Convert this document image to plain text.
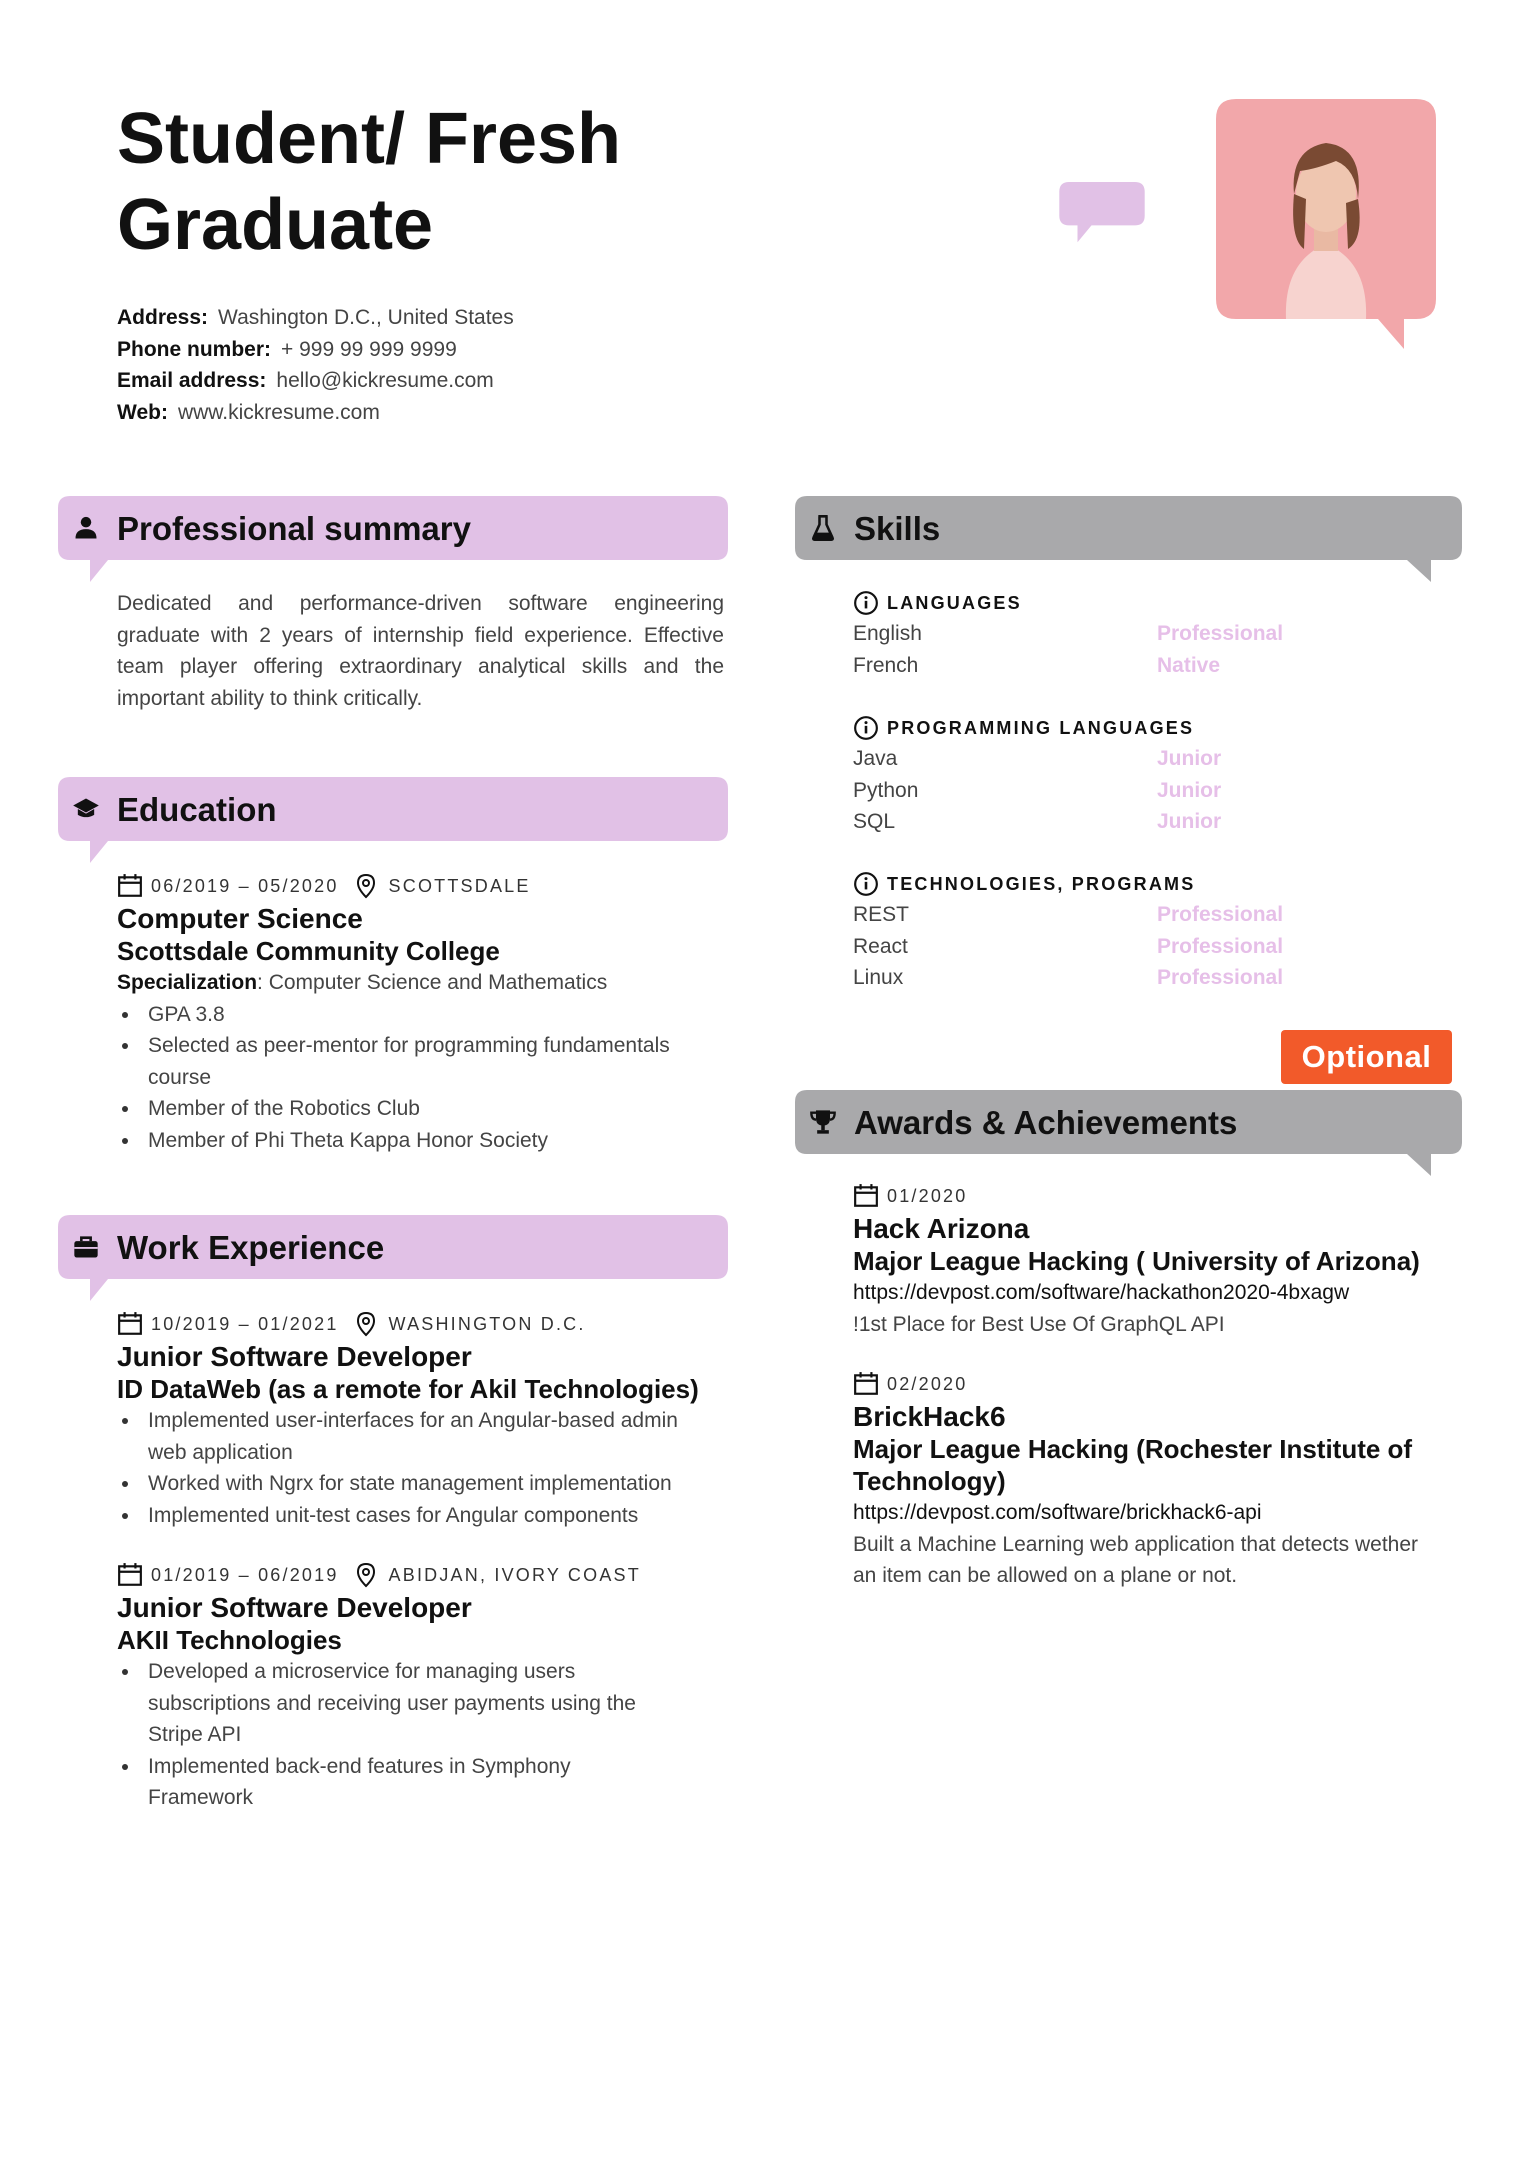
Student/ Fresh Graduate
Address: Washington D.C., United States
Phone number: + 999 99 999 9999
Email address: hello@kickresume.com
Web: www.kickresume.com
Professional summary

Dedicated and performance-driven software engineering graduate with 2 years of internship field experience. Effective team player offering extraordinary analytical skills and the important ability to think critically.

Education
06/2019 – 05/2020	SCOTTSDALE
Computer Science
Scottsdale Community College
Specialization: Computer Science and Mathematics
GPA 3.8
Selected as peer-mentor for programming fundamentals course
Member of the Robotics Club
Member of Phi Theta Kappa Honor Society
Work Experience
10/2019 – 01/2021	WASHINGTON D.C.
Junior Software Developer
ID DataWeb (as a remote for Akil Technologies)
Implemented user-interfaces for an Angular-based admin web application
Worked with Ngrx for state management implementation
Implemented unit-test cases for Angular components
01/2019 – 06/2019	ABIDJAN, IVORY COAST
Junior Software Developer
AKII Technologies
Developed a microservice for managing users subscriptions and receiving user payments using the Stripe API
Implemented back-end features in Symphony Framework
Skills
LANGUAGES
English	Professional
French	Native
PROGRAMMING LANGUAGES
Java	Junior
Python	Junior
SQL	Junior
TECHNOLOGIES, PROGRAMS
REST	Professional
React	Professional
Linux	Professional
Optional
Awards & Achievements
01/2020
Hack Arizona
Major League Hacking ( University of Arizona)
https://devpost.com/software/hackathon2020-4bxagw
!1st Place for Best Use Of GraphQL API
02/2020
BrickHack6
Major League Hacking (Rochester Institute of Technology)
https://devpost.com/software/brickhack6-api
Built a Machine Learning web application that detects wether an item can be allowed on a plane or not.
